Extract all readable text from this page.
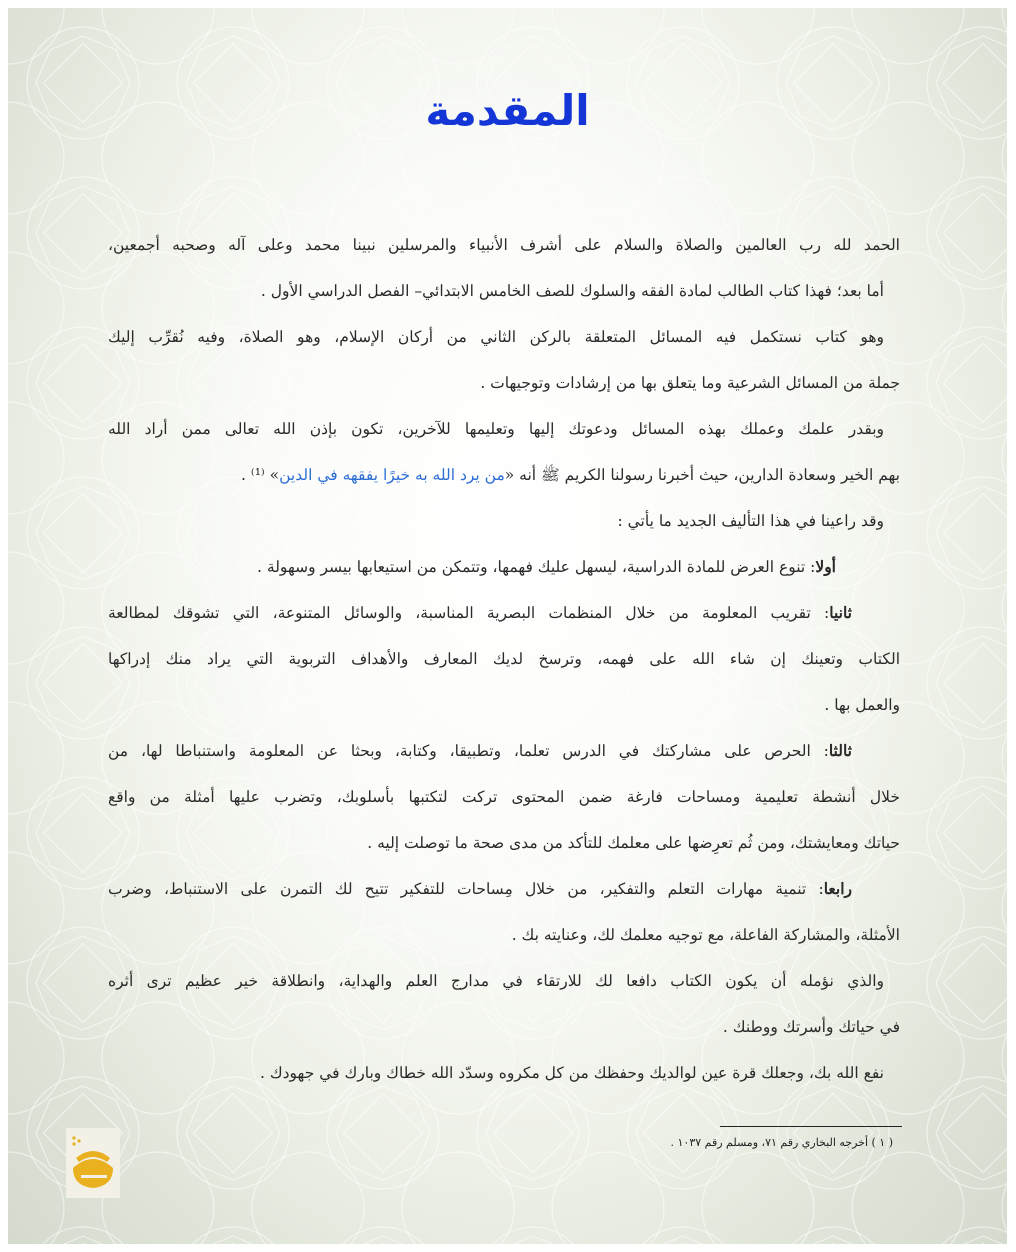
المقدمة
الحمد لله رب العالمين والصلاة والسلام على أشرف الأنبياء والمرسلين نبينا محمد وعلى آله وصحبه أجمعين،
أما بعد؛ فهذا كتاب الطالب لمادة الفقه والسلوك للصف الخامس الابتدائي– الفصل الدراسي الأول .
وهو كتاب نستكمل فيه المسائل المتعلقة بالركن الثاني من أركان الإسلام، وهو الصلاة، وفيه نُقرِّب إليك
جملة من المسائل الشرعية وما يتعلق بها من إرشادات وتوجيهات .
وبقدر علمك وعملك بهذه المسائل ودعوتك إليها وتعليمها للآخرين، تكون بإذن الله تعالى ممن أراد الله
بهم الخير وسعادة الدارين، حيث أخبرنا رسولنا الكريم ﷺ أنه «من يرد الله به خيرًا يفقهه في الدين» ⁽¹⁾ .
وقد راعينا في هذا التأليف الجديد ما يأتي :
أولا: تنوع العرض للمادة الدراسية، ليسهل عليك فهمها، وتتمكن من استيعابها بيسر وسهولة .
ثانيا: تقريب المعلومة من خلال المنظمات البصرية المناسبة، والوسائل المتنوعة، التي تشوقك لمطالعة
الكتاب وتعينك إن شاء الله على فهمه، وترسخ لديك المعارف والأهداف التربوية التي يراد منك إدراكها
والعمل بها .
ثالثا: الحرص على مشاركتك في الدرس تعلما، وتطبيقا، وكتابة، وبحثا عن المعلومة واستنباطا لها، من
خلال أنشطة تعليمية ومساحات فارغة ضمن المحتوى تركت لتكتبها بأسلوبك، وتضرب عليها أمثلة من واقع
حياتك ومعايشتك، ومن ثُم تعرِضها على معلمك للتأكد من مدى صحة ما توصلت إليه .
رابعا: تنمية مهارات التعلم والتفكير، من خلال مِساحات للتفكير تتيح لك التمرن على الاستنباط، وضرب
الأمثلة، والمشاركة الفاعلة، مع توجيه معلمك لك، وعنايته بك .
والذي نؤمله أن يكون الكتاب دافعا لك للارتقاء في مدارج العلم والهداية، وانطلاقة خير عظيم ترى أثره
في حياتك وأسرتك ووطنك .
نفع الله بك، وجعلك قرة عين لوالديك وحفظك من كل مكروه وسدّد الله خطاك وبارك في جهودك .
( ١ ) أخرجه البخاري رقم ٧١، ومسلم رقم ١٠٣٧ .
